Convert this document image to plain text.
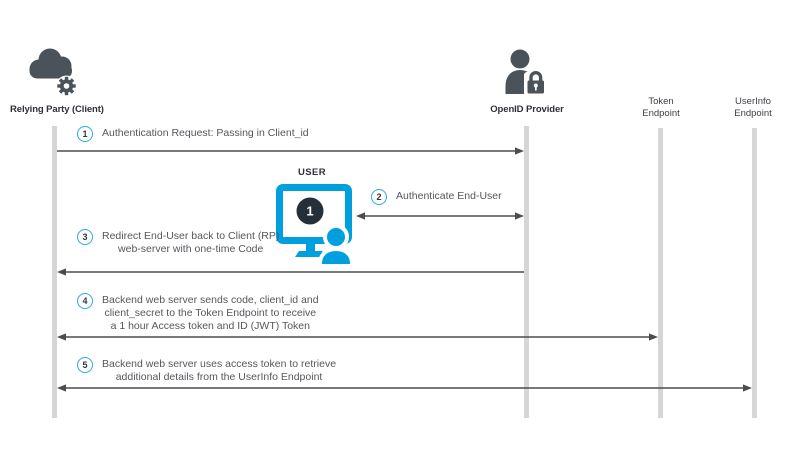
Relying Party (Client)	OpenID Provider
Token
Endpoint
UserInfo
Endpoint
USER
1
1	Authentication Request: Passing in Client_id
2	Authenticate End-User
3	Redirect End-User back to Client (RP)
web-server with one-time Code
4	Backend web server sends code, client_id and
client_secret to the Token Endpoint to receive
a 1 hour Access token and ID (JWT) Token
5	Backend web server uses access token to retrieve
additional details from the UserInfo Endpoint
